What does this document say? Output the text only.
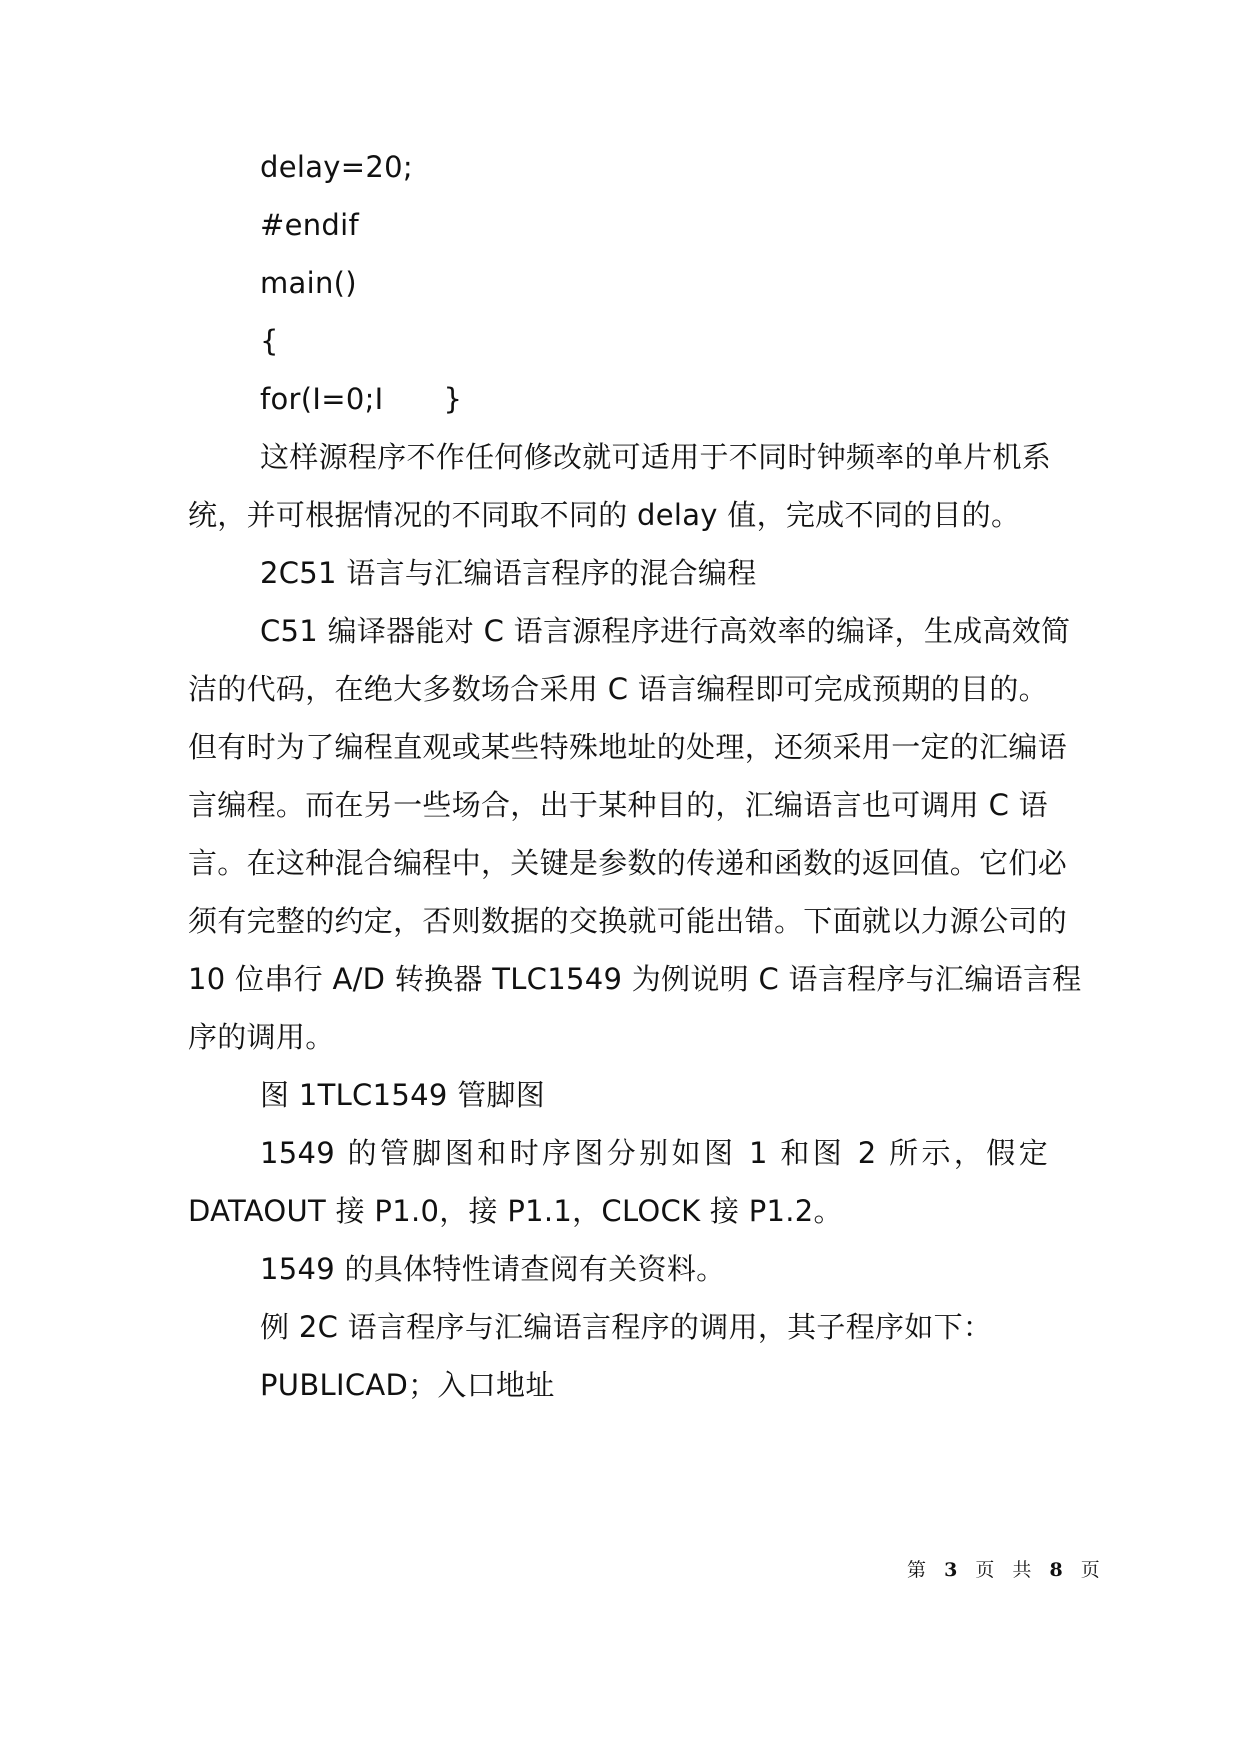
delay=20;
#endif
main()
{
for(I=0;I }
这样源程序不作任何修改就可适用于不同时钟频率的单片机系
统，并可根据情况的不同取不同的 delay 值，完成不同的目的。
2C51 语言与汇编语言程序的混合编程
C51 编译器能对 C 语言源程序进行高效率的编译，生成高效简
洁的代码，在绝大多数场合采用 C 语言编程即可完成预期的目的。
但有时为了编程直观或某些特殊地址的处理，还须采用一定的汇编语
言编程。而在另一些场合，出于某种目的，汇编语言也可调用 C 语
言。在这种混合编程中，关键是参数的传递和函数的返回值。它们必
须有完整的约定，否则数据的交换就可能出错。下面就以力源公司的
10 位串行 A/D 转换器 TLC1549 为例说明 C 语言程序与汇编语言程
序的调用。
图 1TLC1549 管脚图
1549 的管脚图和时序图分别如图 1 和图 2 所示，假定
DATAOUT 接 P1.0，接 P1.1，CLOCK 接 P1.2。
1549 的具体特性请查阅有关资料。
例 2C 语言程序与汇编语言程序的调用，其子程序如下：
PUBLICAD；入口地址
第 3 页 共 8 页
